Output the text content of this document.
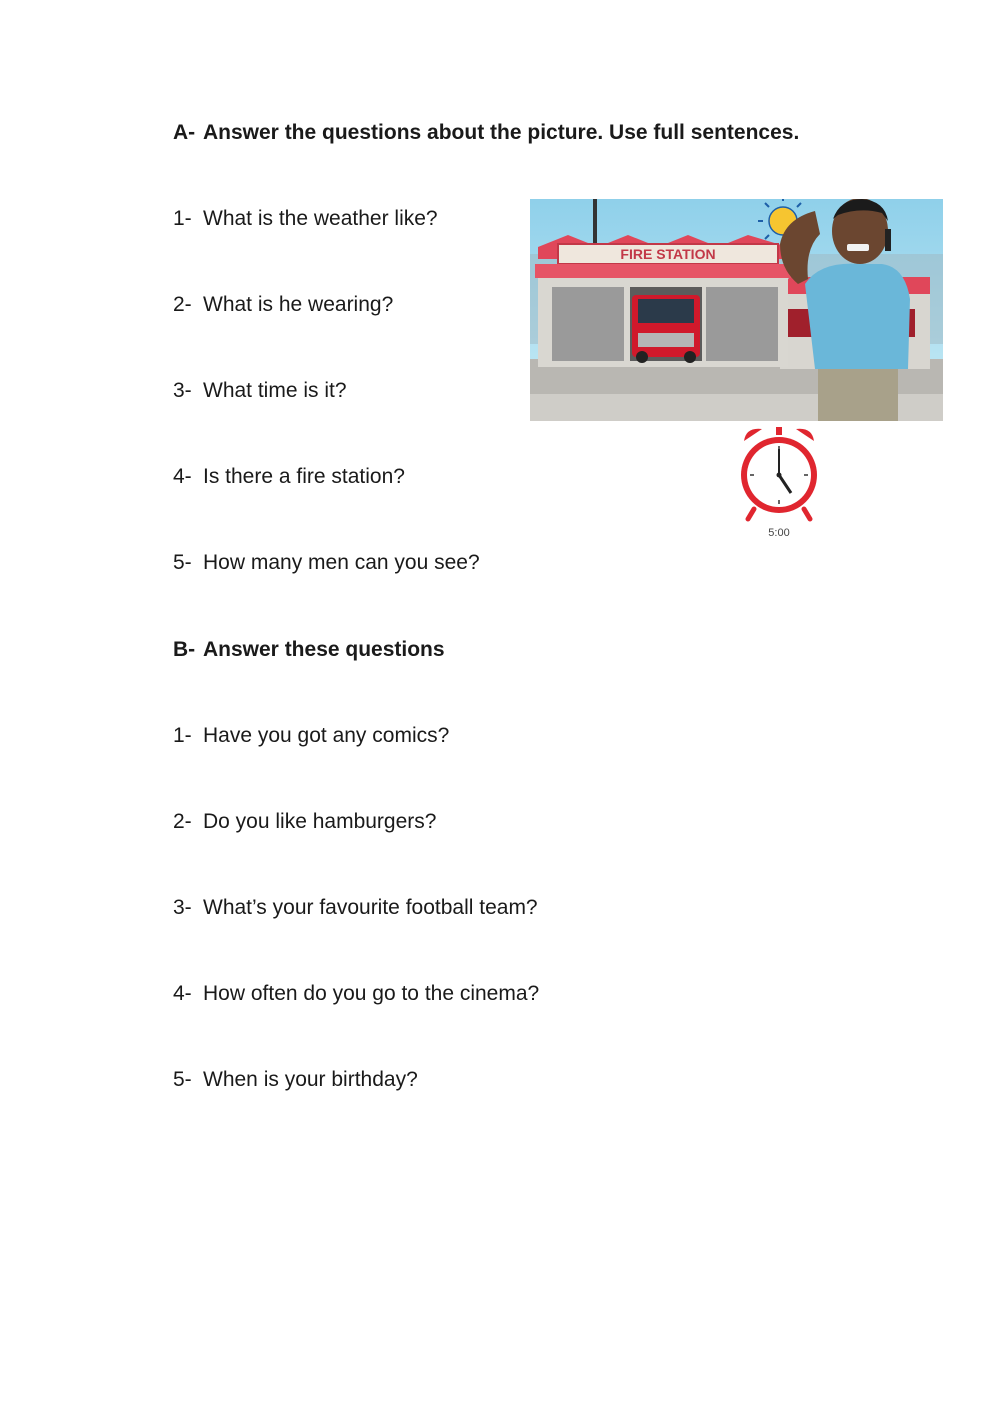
A- Answer the questions about the picture. Use full sentences.
1- What is the weather like?
2- What is he wearing?
3- What time is it?
4- Is there a fire station?
5- How many men can you see?
B- Answer these questions
1- Have you got any comics?
2- Do you like hamburgers?
3- What’s your favourite football team?
4- How often do you go to the cinema?
5- When is your birthday?
FIRE STATION
5:00
